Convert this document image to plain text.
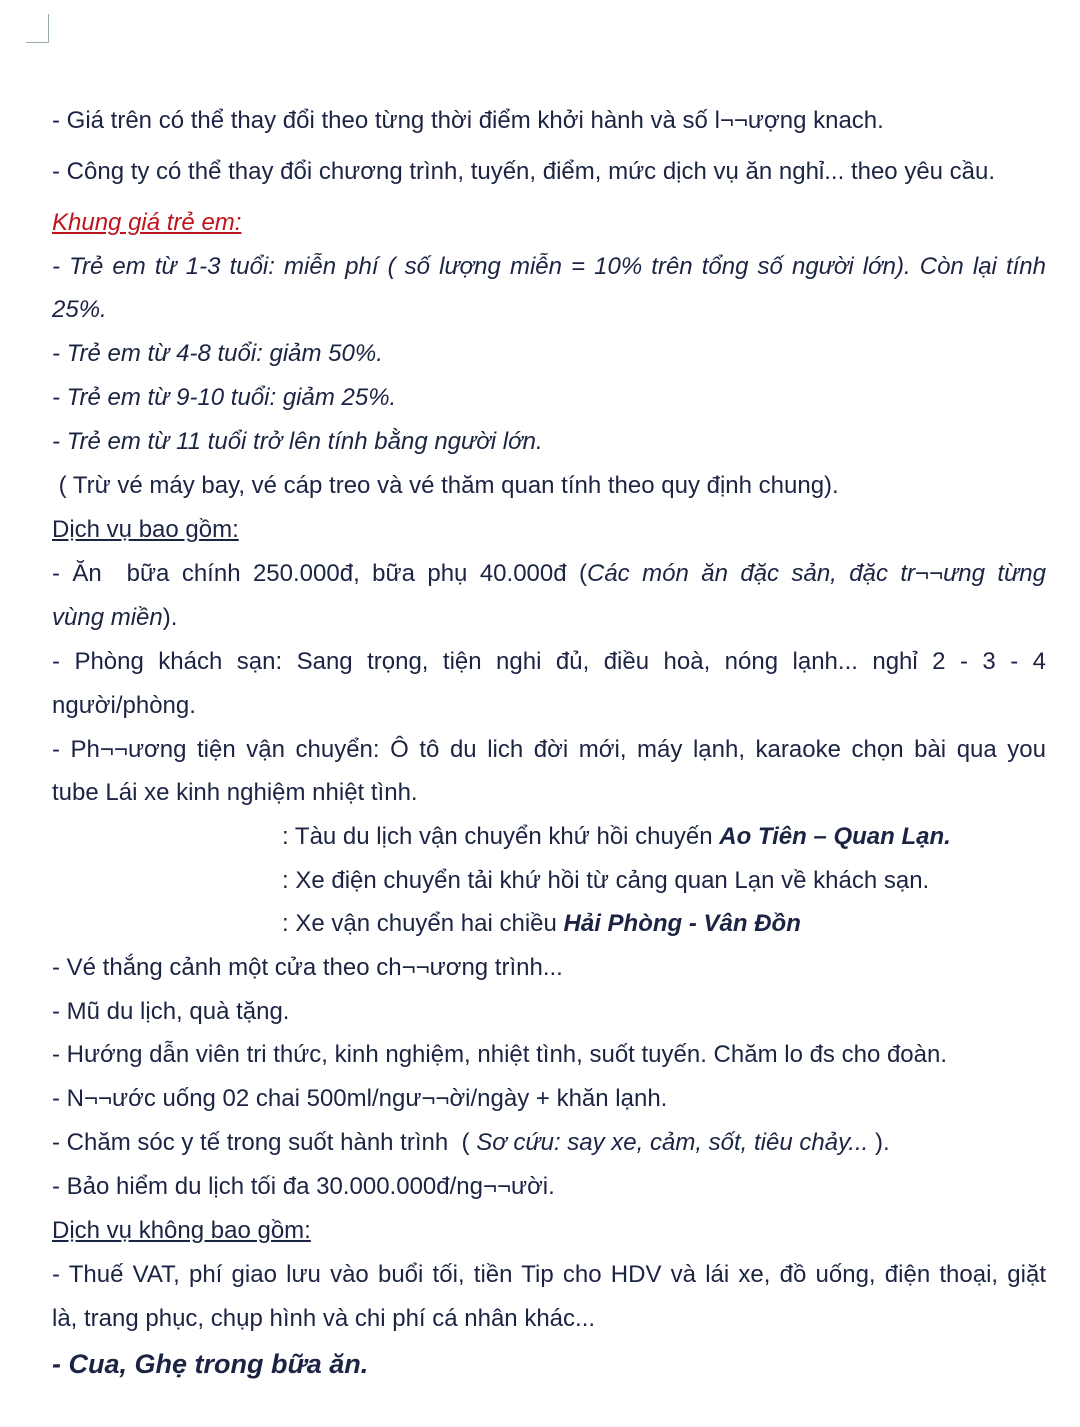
- Giá trên có thể thay đổi theo từng thời điểm khởi hành và số l¬¬ượng knach.
- Công ty có thể thay đổi chương trình, tuyến, điểm, mức dịch vụ ăn nghỉ... theo yêu cầu.
Khung giá trẻ em:
- Trẻ em từ 1-3 tuổi: miễn phí ( số lượng miễn = 10% trên tổng số người lớn). Còn lại tính
25%.
- Trẻ em từ 4-8 tuổi: giảm 50%.
- Trẻ em từ 9-10 tuổi: giảm 25%.
- Trẻ em từ 11 tuổi trở lên tính bằng người lớn.
( Trừ vé máy bay, vé cáp treo và vé thăm quan tính theo quy định chung).
Dịch vụ bao gồm:
- Ăn  bữa chính 250.000đ, bữa phụ 40.000đ (Các món ăn đặc sản, đặc tr¬¬ưng từng
vùng miền).
- Phòng khách sạn: Sang trọng, tiện nghi đủ, điều hoà, nóng lạnh... nghỉ 2 - 3 - 4
người/phòng.
- Ph¬¬ương tiện vận chuyển: Ô tô du lich đời mới, máy lạnh, karaoke chọn bài qua you
tube Lái xe kinh nghiệm nhiệt tình.
: Tàu du lịch vận chuyển khứ hồi chuyến Ao Tiên – Quan Lạn.
: Xe điện chuyển tải khứ hồi từ cảng quan Lạn về khách sạn.
: Xe vận chuyển hai chiều Hải Phòng - Vân Đồn
- Vé thắng cảnh một cửa theo ch¬¬ương trình...
- Mũ du lịch, quà tặng.
- Hướng dẫn viên tri thức, kinh nghiệm, nhiệt tình, suốt tuyến. Chăm lo đs cho đoàn.
- N¬¬ước uống 02 chai 500ml/ngư¬¬ời/ngày + khăn lạnh.
- Chăm sóc y tế trong suốt hành trình  ( Sơ cứu: say xe, cảm, sốt, tiêu chảy... ).
- Bảo hiểm du lịch tối đa 30.000.000đ/ng¬¬ười.
Dịch vụ không bao gồm:
- Thuế VAT, phí giao lưu vào buổi tối, tiền Tip cho HDV và lái xe, đồ uống, điện thoại, giặt
là, trang phục, chụp hình và chi phí cá nhân khác...
- Cua, Ghẹ trong bữa ăn.
